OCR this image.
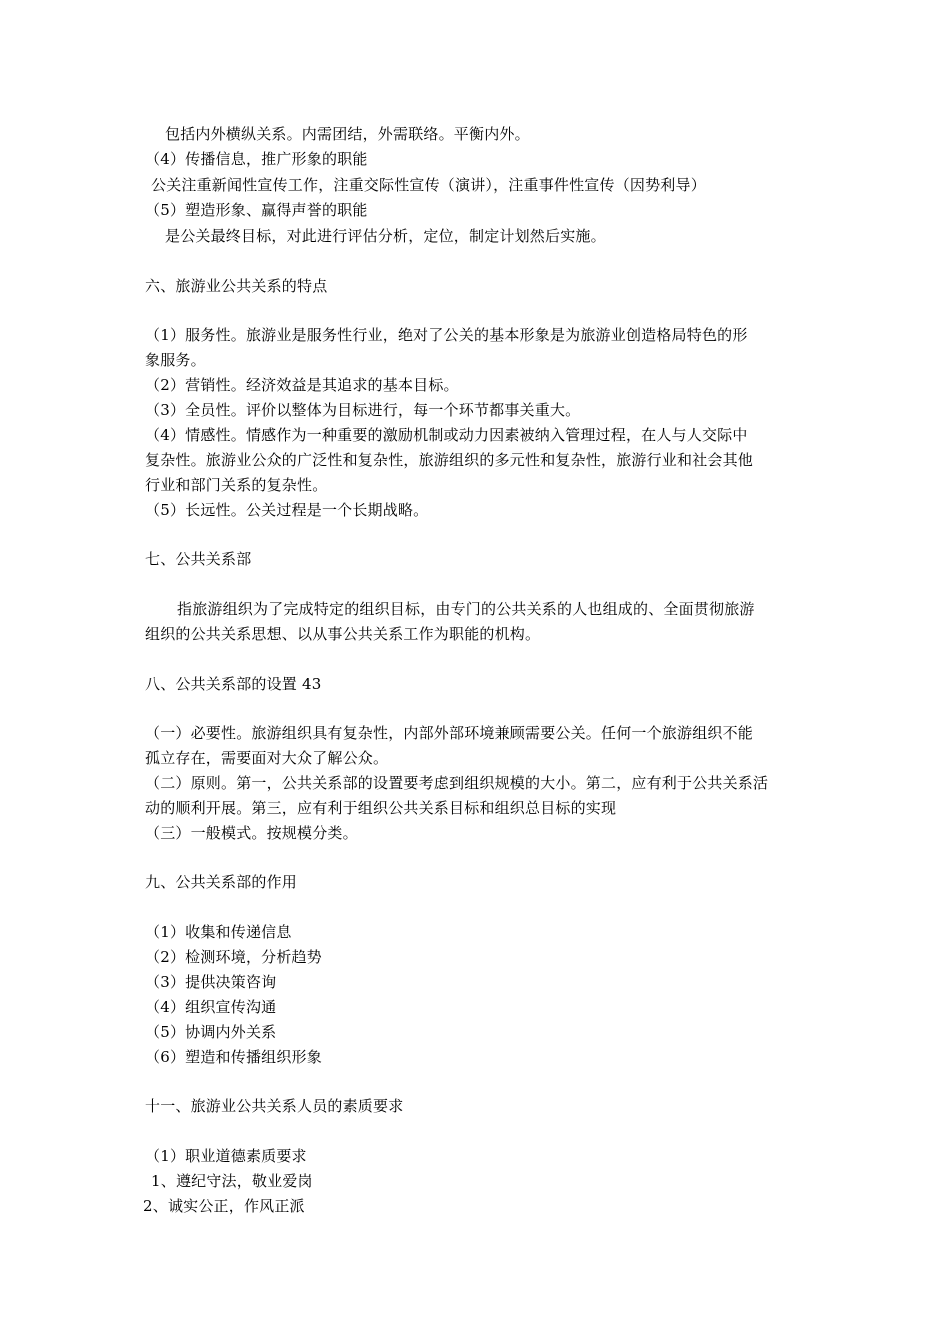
包括内外横纵关系。内需团结，外需联络。平衡内外。
（4）传播信息，推广形象的职能
公关注重新闻性宣传工作，注重交际性宣传（演讲），注重事件性宣传（因势利导）
（5）塑造形象、赢得声誉的职能
是公关最终目标，对此进行评估分析，定位，制定计划然后实施。
六、旅游业公共关系的特点
（1）服务性。旅游业是服务性行业，绝对了公关的基本形象是为旅游业创造格局特色的形
象服务。
（2）营销性。经济效益是其追求的基本目标。
（3）全员性。评价以整体为目标进行，每一个环节都事关重大。
（4）情感性。情感作为一种重要的激励机制或动力因素被纳入管理过程，在人与人交际中
复杂性。旅游业公众的广泛性和复杂性，旅游组织的多元性和复杂性，旅游行业和社会其他
行业和部门关系的复杂性。
（5）长远性。公关过程是一个长期战略。
七、公共关系部
指旅游组织为了完成特定的组织目标，由专门的公共关系的人也组成的、全面贯彻旅游
组织的公共关系思想、以从事公共关系工作为职能的机构。
八、公共关系部的设置 43
（一）必要性。旅游组织具有复杂性，内部外部环境兼顾需要公关。任何一个旅游组织不能
孤立存在，需要面对大众了解公众。
（二）原则。第一，公共关系部的设置要考虑到组织规模的大小。第二，应有利于公共关系活
动的顺利开展。第三，应有利于组织公共关系目标和组织总目标的实现
（三）一般模式。按规模分类。
九、公共关系部的作用
（1）收集和传递信息
（2）检测环境，分析趋势
（3）提供决策咨询
（4）组织宣传沟通
（5）协调内外关系
（6）塑造和传播组织形象
十一、旅游业公共关系人员的素质要求
（1）职业道德素质要求
1、遵纪守法，敬业爱岗
2、诚实公正，作风正派
